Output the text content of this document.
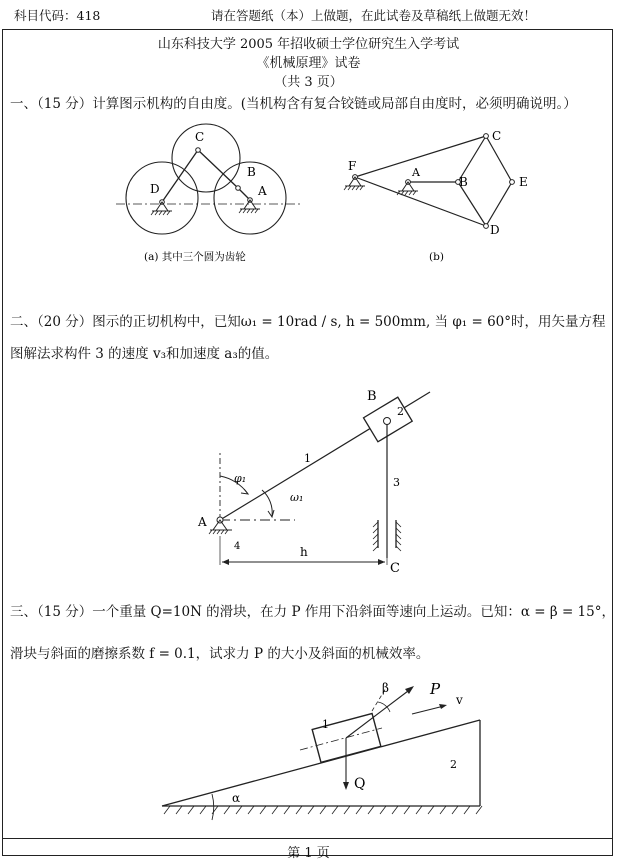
科目代码：418	请在答题纸（本）上做题，在此试卷及草稿纸上做题无效！
山东科技大学 2005 年招收硕士学位研究生入学考试
《机械原理》试卷
（共 3 页）
一、（15 分）计算图示机构的自由度。(当机构含有复合铰链或局部自由度时，必须明确说明。）
C
D
B
A
(a) 其中三个圆为齿轮
F	A
B
C
E
D
(b)
二、（20 分）图示的正切机构中，已知ω₁ = 10rad / s, h = 500mm, 当 φ₁ = 60°时，用矢量方程
图解法求构件 3 的速度 v₃和加速度 a₃的值。
B
2
1
3
φ₁
ω₁
A
4	h
C
三、（15 分）一个重量 Q=10N 的滑块，在力 P 作用下沿斜面等速向上运动。已知：α = β = 15°，
滑块与斜面的磨擦系数 f = 0.1，试求力 P 的大小及斜面的机械效率。
β	P
v
1
2
Q
α
第 1 页
